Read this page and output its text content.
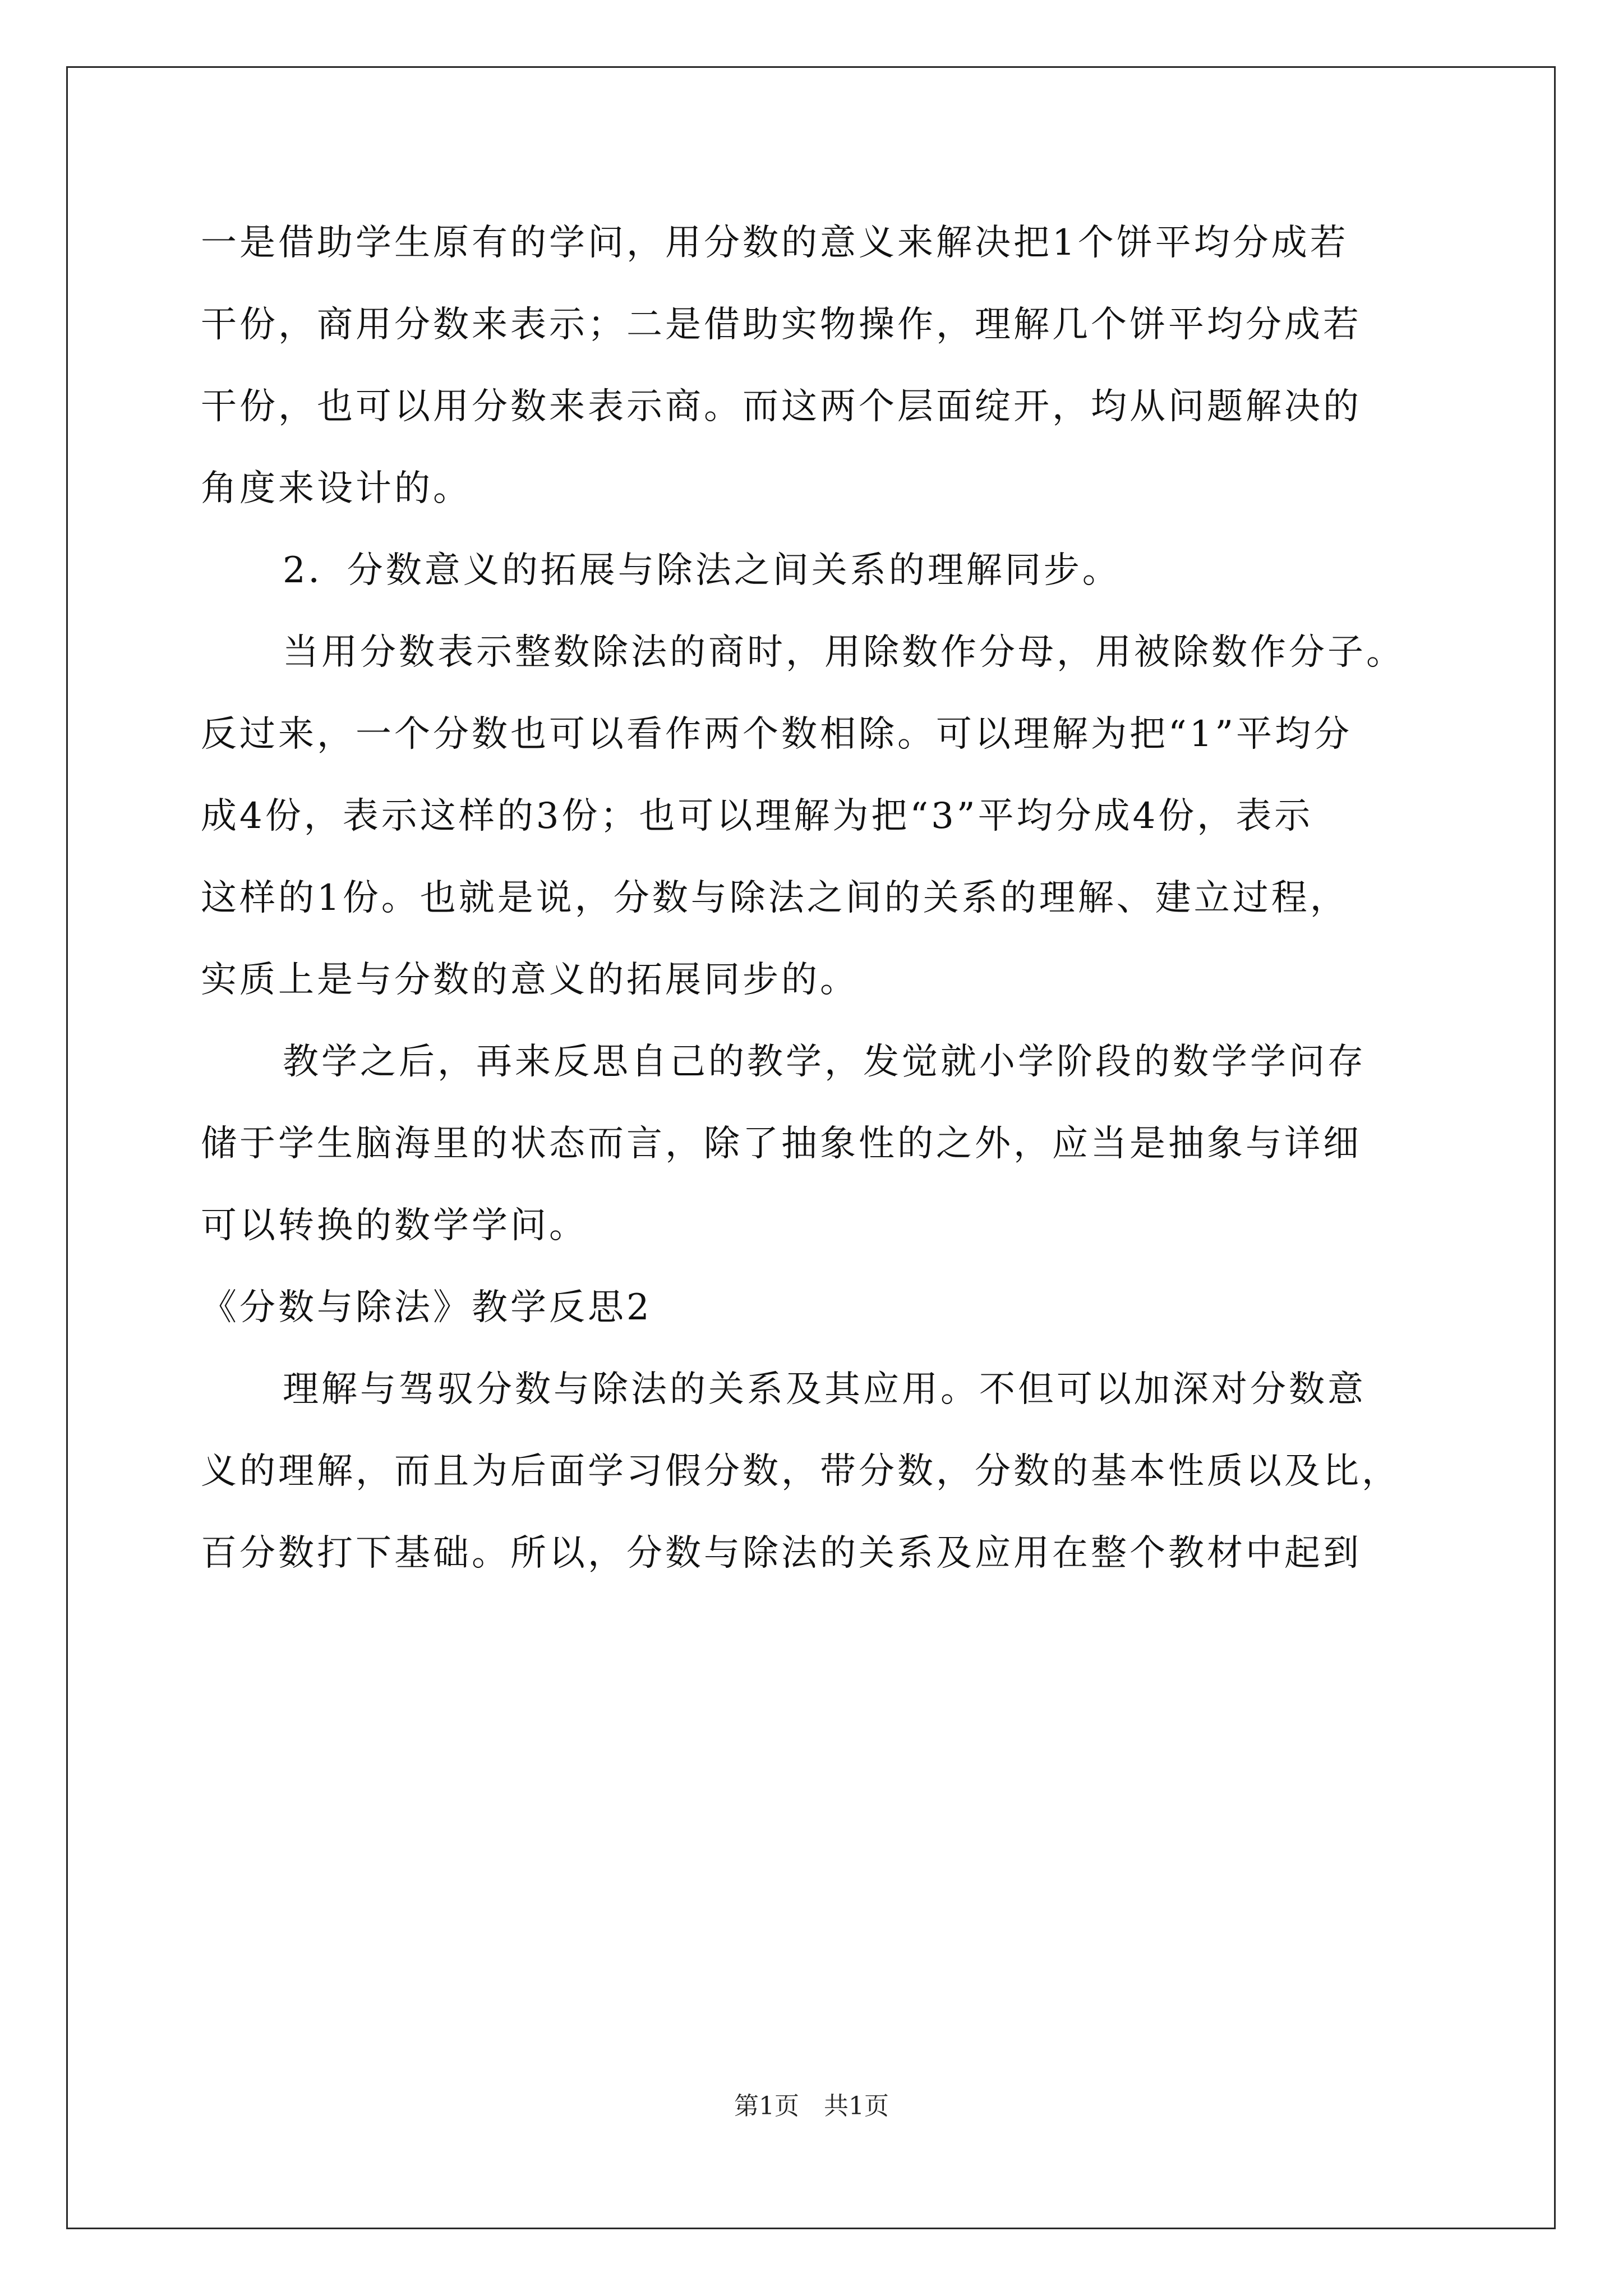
一是借助学生原有的学问，用分数的意义来解决把1个饼平均分成若
干份，商用分数来表示；二是借助实物操作，理解几个饼平均分成若
干份，也可以用分数来表示商。而这两个层面绽开，均从问题解决的
角度来设计的。
2．分数意义的拓展与除法之间关系的理解同步。
当用分数表示整数除法的商时，用除数作分母，用被除数作分子。
反过来，一个分数也可以看作两个数相除。可以理解为把“1”平均分
成4份，表示这样的3份；也可以理解为把“3”平均分成4份，表示
这样的1份。也就是说，分数与除法之间的关系的理解、建立过程，
实质上是与分数的意义的拓展同步的。
教学之后，再来反思自己的教学，发觉就小学阶段的数学学问存
储于学生脑海里的状态而言，除了抽象性的之外，应当是抽象与详细
可以转换的数学学问。
《分数与除法》教学反思2
理解与驾驭分数与除法的关系及其应用。不但可以加深对分数意
义的理解，而且为后面学习假分数，带分数，分数的基本性质以及比，
百分数打下基础。所以，分数与除法的关系及应用在整个教材中起到
第1页 共1页
